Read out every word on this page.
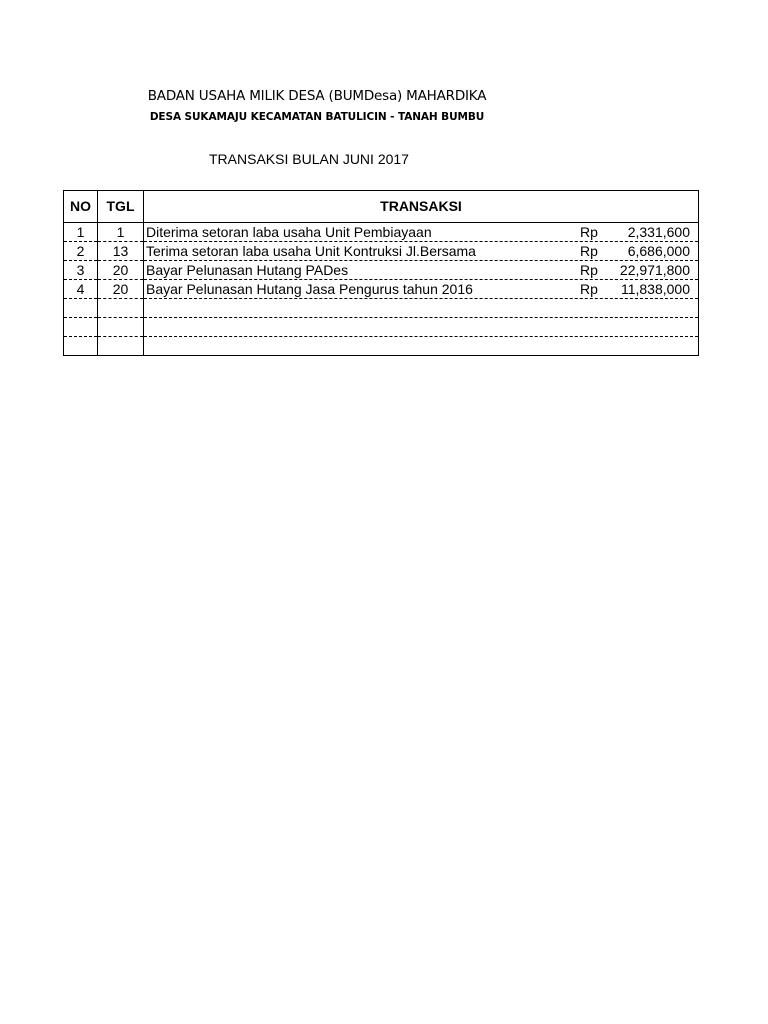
BADAN USAHA MILIK DESA (BUMDesa) MAHARDIKA
DESA SUKAMAJU KECAMATAN BATULICIN - TANAH BUMBU
TRANSAKSI BULAN JUNI 2017
NO	TGL	TRANSAKSI
1	1	Diterima setoran laba usaha Unit Pembiayaan Rp 2,331,600

2	13	Terima setoran laba usaha Unit Kontruksi Jl.Bersama Rp 6,686,000

3	20	Bayar Pelunasan Hutang PADes Rp 22,971,800

4	20	Bayar Pelunasan Hutang Jasa Pengurus tahun 2016 Rp 11,838,000
